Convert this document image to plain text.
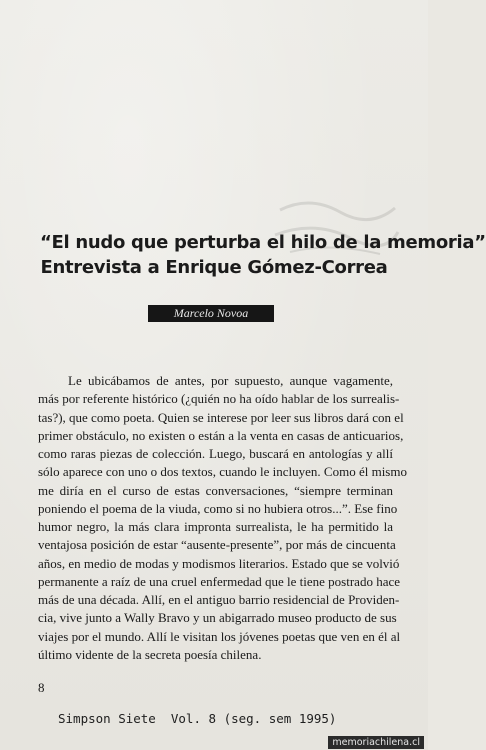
“El nudo que perturba el hilo de la memoria”
Entrevista a Enrique Gómez-Correa
Marcelo Novoa

Le ubicábamos de antes, por supuesto, aunque vagamente,
más por referente histórico (¿quién no ha oído hablar de los surrealis-
tas?), que como poeta. Quien se interese por leer sus libros dará con el
primer obstáculo, no existen o están a la venta en casas de anticuarios,
como raras piezas de colección. Luego, buscará en antologías y allí
sólo aparece con uno o dos textos, cuando le incluyen. Como él mismo
me diría en el curso de estas conversaciones, “siempre terminan
poniendo el poema de la viuda, como si no hubiera otros...”. Ese fino
humor negro, la más clara impronta surrealista, le ha permitido la
ventajosa posición de estar “ausente-presente”, por más de cincuenta
años, en medio de modas y modismos literarios. Estado que se volvió
permanente a raíz de una cruel enfermedad que le tiene postrado hace
más de una década. Allí, en el antiguo barrio residencial de Providen-
cia, vive junto a Wally Bravo y un abigarrado museo producto de sus
viajes por el mundo. Allí le visitan los jóvenes poetas que ven en él al
último vidente de la secreta poesía chilena.

8
Simpson Siete  Vol. 8 (seg. sem 1995)
memoriachilena.cl
